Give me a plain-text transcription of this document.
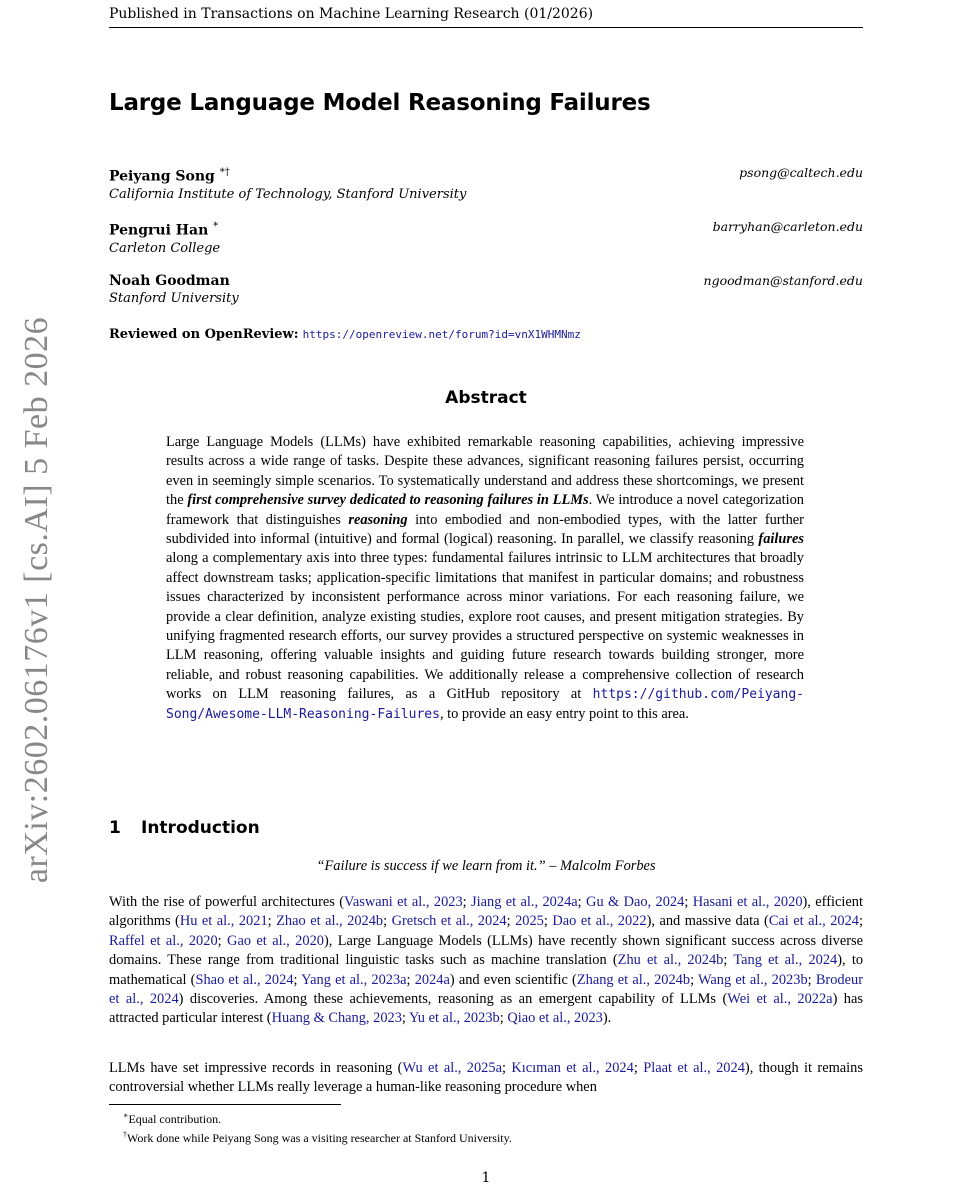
Published in Transactions on Machine Learning Research (01/2026)
Large Language Model Reasoning Failures
Peiyang Song *†
California Institute of Technology, Stanford University
psong@caltech.edu
Pengrui Han *
Carleton College
barryhan@carleton.edu
Noah Goodman
Stanford University
ngoodman@stanford.edu
Reviewed on OpenReview: https://openreview.net/forum?id=vnX1WHMNmz
Abstract
Large Language Models (LLMs) have exhibited remarkable reasoning capabilities, achieving impressive results across a wide range of tasks. Despite these advances, significant reasoning failures persist, occurring even in seemingly simple scenarios. To systematically understand and address these shortcomings, we present the first comprehensive survey dedicated to reasoning failures in LLMs. We introduce a novel categorization framework that distinguishes reasoning into embodied and non-embodied types, with the latter further subdivided into informal (intuitive) and formal (logical) reasoning. In parallel, we classify reasoning failures along a complementary axis into three types: fundamental failures intrinsic to LLM architectures that broadly affect downstream tasks; application-specific limitations that manifest in particular domains; and robustness issues characterized by inconsistent performance across minor variations. For each reasoning failure, we provide a clear definition, analyze existing studies, explore root causes, and present mitigation strategies. By unifying fragmented research efforts, our survey provides a structured perspective on systemic weaknesses in LLM reasoning, offering valuable insights and guiding future research towards building stronger, more reliable, and robust reasoning capabilities. We additionally release a comprehensive collection of research works on LLM reasoning failures, as a GitHub repository at https://github.com/Peiyang-Song/Awesome-LLM-Reasoning-Failures, to provide an easy entry point to this area.
1 Introduction
“Failure is success if we learn from it.” – Malcolm Forbes
With the rise of powerful architectures (Vaswani et al., 2023; Jiang et al., 2024a; Gu & Dao, 2024; Hasani et al., 2020), efficient algorithms (Hu et al., 2021; Zhao et al., 2024b; Gretsch et al., 2024; 2025; Dao et al., 2022), and massive data (Cai et al., 2024; Raffel et al., 2020; Gao et al., 2020), Large Language Models (LLMs) have recently shown significant success across diverse domains. These range from traditional linguistic tasks such as machine translation (Zhu et al., 2024b; Tang et al., 2024), to mathematical (Shao et al., 2024; Yang et al., 2023a; 2024a) and even scientific (Zhang et al., 2024b; Wang et al., 2023b; Brodeur et al., 2024) discoveries. Among these achievements, reasoning as an emergent capability of LLMs (Wei et al., 2022a) has attracted particular interest (Huang & Chang, 2023; Yu et al., 2023b; Qiao et al., 2023).
LLMs have set impressive records in reasoning (Wu et al., 2025a; Kıcıman et al., 2024; Plaat et al., 2024), though it remains controversial whether LLMs really leverage a human-like reasoning procedure when
∗Equal contribution.
†Work done while Peiyang Song was a visiting researcher at Stanford University.
1
arXiv:2602.06176v1 [cs.AI] 5 Feb 2026
